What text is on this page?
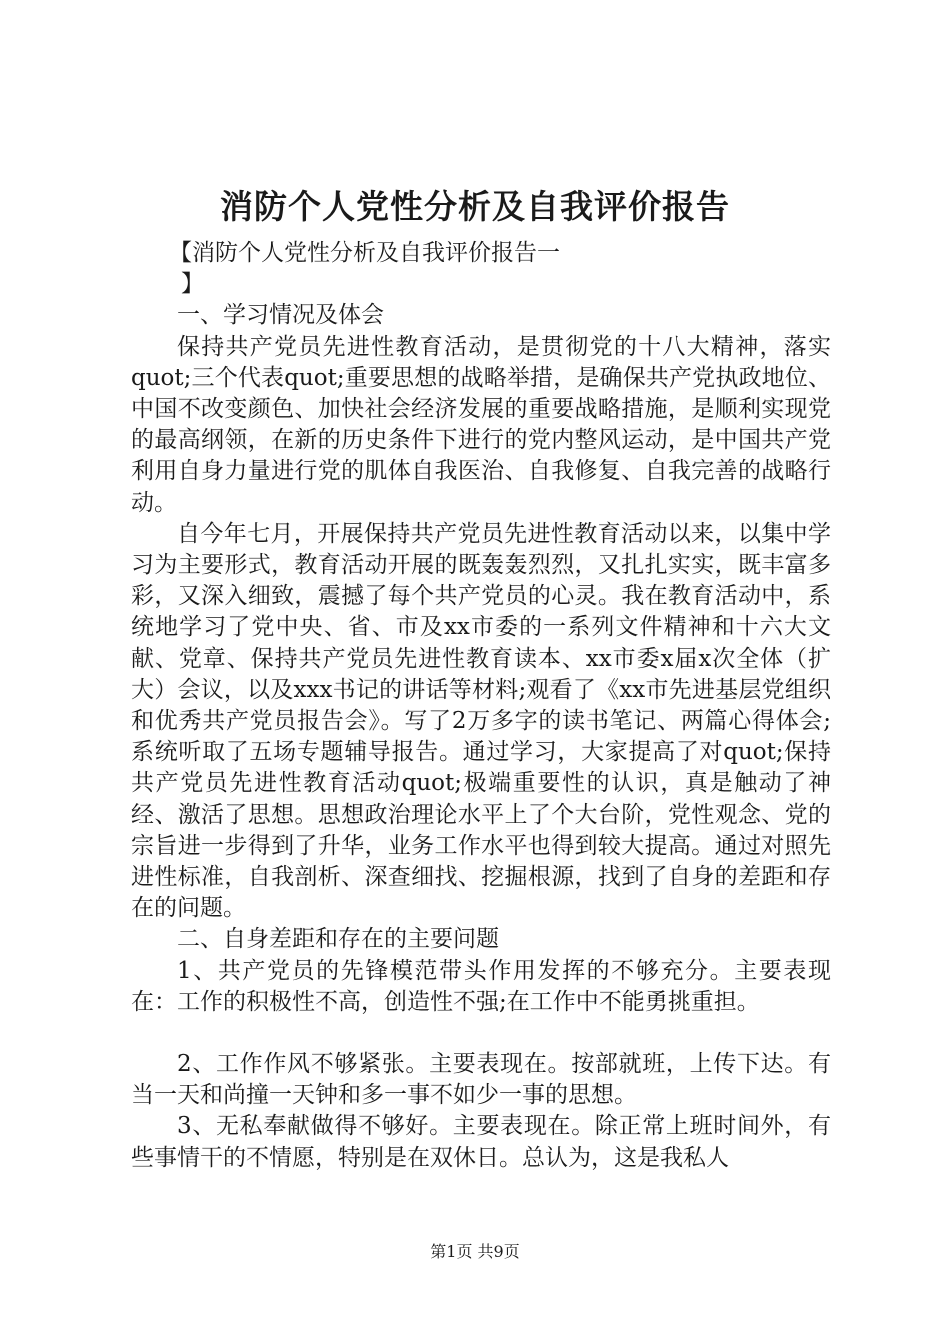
消防个人党性分析及自我评价报告

【消防个人党性分析及自我评价报告一

】

一、学习情况及体会

保持共产党员先进性教育活动，是贯彻党的十八大精神，落实quot;三个代表quot;重要思想的战略举措，是确保共产党执政地位、中国不改变颜色、加快社会经济发展的重要战略措施，是顺利实现党的最高纲领，在新的历史条件下进行的党内整风运动，是中国共产党利用自身力量进行党的肌体自我医治、自我修复、自我完善的战略行动。

自今年七月，开展保持共产党员先进性教育活动以来，以集中学习为主要形式，教育活动开展的既轰轰烈烈，又扎扎实实，既丰富多彩，又深入细致，震撼了每个共产党员的心灵。我在教育活动中，系统地学习了党中央、省、市及xx市委的一系列文件精神和十六大文献、党章、保持共产党员先进性教育读本、xx市委x届x次全体（扩大）会议，以及xxx书记的讲话等材料;观看了《xx市先进基层党组织和优秀共产党员报告会》。写了2万多字的读书笔记、两篇心得体会;系统听取了五场专题辅导报告。通过学习，大家提高了对quot;保持共产党员先进性教育活动quot;极端重要性的认识，真是触动了神经、激活了思想。思想政治理论水平上了个大台阶，党性观念、党的宗旨进一步得到了升华，业务工作水平也得到较大提高。通过对照先进性标准，自我剖析、深查细找、挖掘根源，找到了自身的差距和存在的问题。

二、自身差距和存在的主要问题

1、共产党员的先锋模范带头作用发挥的不够充分。主要表现在：工作的积极性不高，创造性不强;在工作中不能勇挑重担。

2、工作作风不够紧张。主要表现在。按部就班，上传下达。有当一天和尚撞一天钟和多一事不如少一事的思想。

3、无私奉献做得不够好。主要表现在。除正常上班时间外，有些事情干的不情愿，特别是在双休日。总认为，这是我私人

第1页 共9页
